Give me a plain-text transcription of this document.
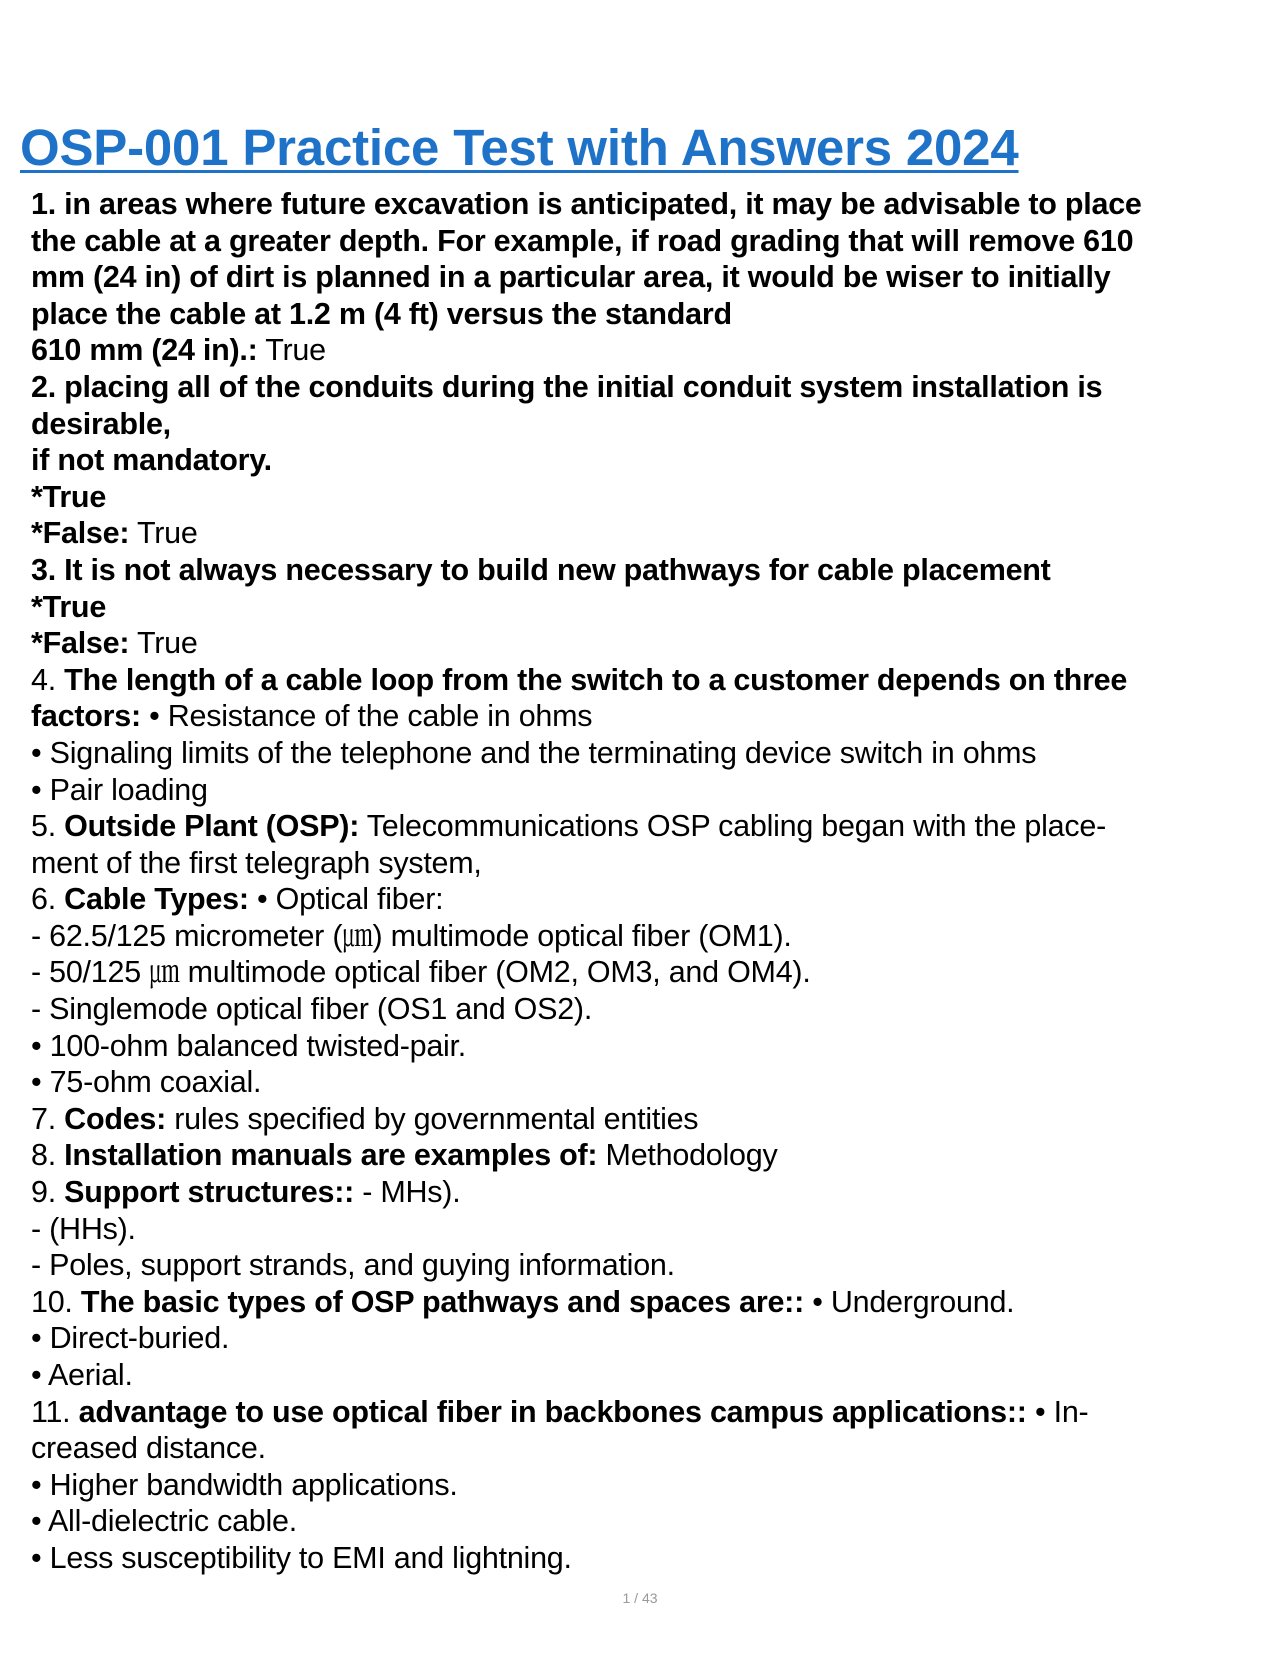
OSP-001 Practice Test with Answers 2024
1. in areas where future excavation is anticipated, it may be advisable to place
the cable at a greater depth. For example, if road grading that will remove 610
mm (24 in) of dirt is planned in a particular area, it would be wiser to initially
place the cable at 1.2 m (4 ft) versus the standard
610 mm (24 in).: True
2. placing all of the conduits during the initial conduit system installation is
desirable,
if not mandatory.
*True
*False: True
3. It is not always necessary to build new pathways for cable placement
*True
*False: True
4. The length of a cable loop from the switch to a customer depends on three
factors: • Resistance of the cable in ohms
• Signaling limits of the telephone and the terminating device switch in ohms
• Pair loading
5. Outside Plant (OSP): Telecommunications OSP cabling began with the place-
ment of the first telegraph system,
6. Cable Types: • Optical fiber:
- 62.5/125 micrometer (㎛) multimode optical fiber (OM1).
- 50/125 ㎛ multimode optical fiber (OM2, OM3, and OM4).
- Singlemode optical fiber (OS1 and OS2).
• 100-ohm balanced twisted-pair.
• 75-ohm coaxial.
7. Codes: rules specified by governmental entities
8. Installation manuals are examples of: Methodology
9. Support structures:: - MHs).
- (HHs).
- Poles, support strands, and guying information.
10. The basic types of OSP pathways and spaces are:: • Underground.
• Direct-buried.
• Aerial.
11. advantage to use optical fiber in backbones campus applications:: • In-
creased distance.
• Higher bandwidth applications.
• All-dielectric cable.
• Less susceptibility to EMI and lightning.
1 / 43
